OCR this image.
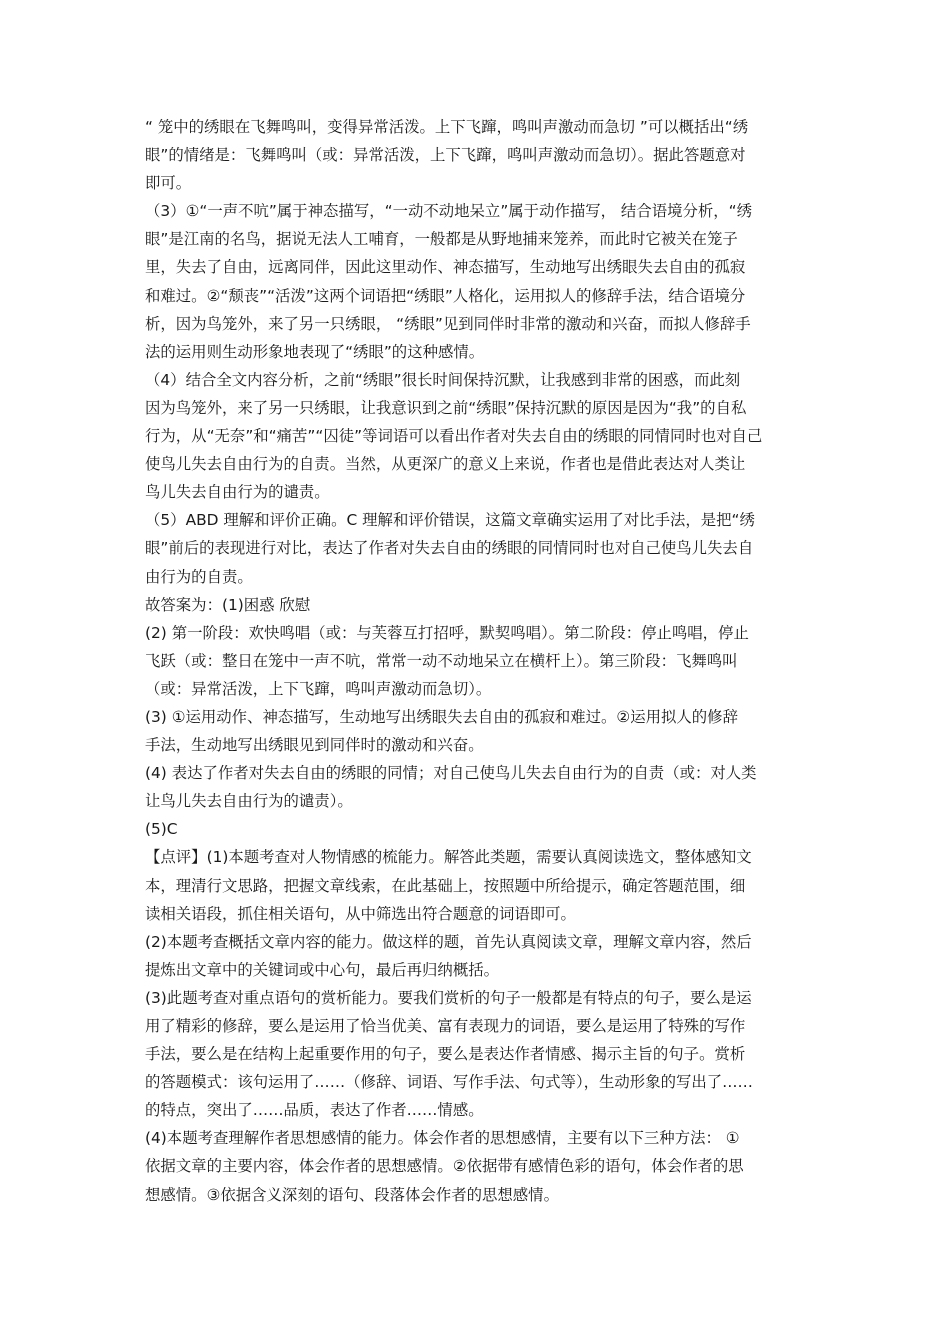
“ 笼中的绣眼在飞舞鸣叫，变得异常活泼。上下飞蹿，鸣叫声激动而急切 ”可以概括出“绣
眼”的情绪是：飞舞鸣叫（或：异常活泼，上下飞蹿，鸣叫声激动而急切）。据此答题意对
即可。

（3）①“一声不吭”属于神态描写，“一动不动地呆立”属于动作描写， 结合语境分析，“绣
眼”是江南的名鸟，据说无法人工哺育，一般都是从野地捕来笼养，而此时它被关在笼子
里，失去了自由，远离同伴，因此这里动作、神态描写，生动地写出绣眼失去自由的孤寂
和难过。②“颓丧”“活泼”这两个词语把“绣眼”人格化，运用拟人的修辞手法，结合语境分
析，因为鸟笼外，来了另一只绣眼， “绣眼”见到同伴时非常的激动和兴奋，而拟人修辞手
法的运用则生动形象地表现了“绣眼”的这种感情。

（4）结合全文内容分析，之前“绣眼”很长时间保持沉默，让我感到非常的困惑，而此刻
因为鸟笼外，来了另一只绣眼，让我意识到之前“绣眼”保持沉默的原因是因为“我”的自私
行为，从“无奈”和“痛苦”“囚徒”等词语可以看出作者对失去自由的绣眼的同情同时也对自己
使鸟儿失去自由行为的自责。当然，从更深广的意义上来说，作者也是借此表达对人类让
鸟儿失去自由行为的谴责。

（5）ABD 理解和评价正确。C 理解和评价错误，这篇文章确实运用了对比手法，是把“绣
眼”前后的表现进行对比，表达了作者对失去自由的绣眼的同情同时也对自己使鸟儿失去自
由行为的自责。

故答案为：(1)困惑 欣慰

(2) 第一阶段：欢快鸣唱（或：与芙蓉互打招呼，默契鸣唱）。第二阶段：停止鸣唱，停止
飞跃（或：整日在笼中一声不吭，常常一动不动地呆立在横杆上）。第三阶段：飞舞鸣叫
（或：异常活泼，上下飞蹿，鸣叫声激动而急切）。

(3) ①运用动作、神态描写，生动地写出绣眼失去自由的孤寂和难过。②运用拟人的修辞
手法，生动地写出绣眼见到同伴时的激动和兴奋。

(4) 表达了作者对失去自由的绣眼的同情；对自己使鸟儿失去自由行为的自责（或：对人类
让鸟儿失去自由行为的谴责）。

(5)C

【点评】(1)本题考查对人物情感的梳能力。解答此类题，需要认真阅读选文，整体感知文
本，理清行文思路，把握文章线索，在此基础上，按照题中所给提示，确定答题范围，细
读相关语段，抓住相关语句，从中筛选出符合题意的词语即可。

(2)本题考查概括文章内容的能力。做这样的题，首先认真阅读文章，理解文章内容，然后
提炼出文章中的关键词或中心句，最后再归纳概括。

(3)此题考查对重点语句的赏析能力。要我们赏析的句子一般都是有特点的句子，要么是运
用了精彩的修辞，要么是运用了恰当优美、富有表现力的词语，要么是运用了特殊的写作
手法，要么是在结构上起重要作用的句子，要么是表达作者情感、揭示主旨的句子。赏析
的答题模式：该句运用了……（修辞、词语、写作手法、句式等），生动形象的写出了……
的特点，突出了……品质，表达了作者……情感。

(4)本题考查理解作者思想感情的能力。体会作者的思想感情，主要有以下三种方法： ①
依据文章的主要内容，体会作者的思想感情。②依据带有感情色彩的语句，体会作者的思
想感情。③依据含义深刻的语句、段落体会作者的思想感情。
